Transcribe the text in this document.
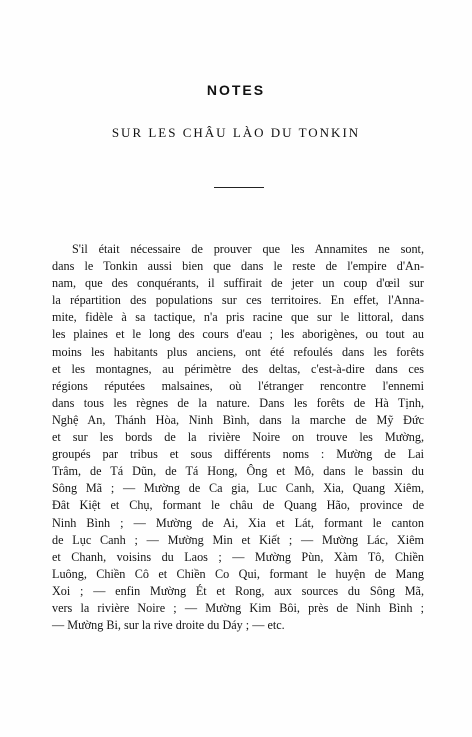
NOTES
SUR LES CHÂU LÀO DU TONKIN
S'il était nécessaire de prouver que les Annamites ne sont,
dans le Tonkin aussi bien que dans le reste de l'empire d'An-
nam, que des conquérants, il suffirait de jeter un coup d'œil sur
la répartition des populations sur ces territoires. En effet, l'Anna-
mite, fidèle à sa tactique, n'a pris racine que sur le littoral, dans
les plaines et le long des cours d'eau ; les aborigènes, ou tout au
moins les habitants plus anciens, ont été refoulés dans les forêts
et les montagnes, au périmètre des deltas, c'est-à-dire dans ces
régions réputées malsaines, où l'étranger rencontre l'ennemi
dans tous les règnes de la nature. Dans les forêts de Hà Tịnh,
Nghệ An, Thánh Hòa, Ninh Bình, dans la marche de Mỹ Đức
et sur les bords de la rivière Noire on trouve les Mường,
groupés par tribus et sous différents noms : Mường de Lai
Trâm, de Tá Dũn, de Tá Hong, Ông et Mô, dans le bassin du
Sông Mã ; — Mường de Ca gia, Luc Canh, Xia, Quang Xiêm,
Ðât Kiệt et Chụ, formant le châu de Quang Hão, province de
Ninh Bình ; — Mường de Ai, Xia et Lát, formant le canton
de Lục Canh ; — Mường Min et Kiết ; — Mường Lác, Xiêm
et Chanh, voisins du Laos ; — Mường Pùn, Xàm Tô, Chiền
Luông, Chiền Cô et Chiền Co Qui, formant le huyện de Mang
Xoi ; — enfin Mường Ét et Rong, aux sources du Sông Mã,
vers la rivière Noire ; — Mường Kim Bôi, près de Ninh Bình ;
— Mường Bi, sur la rive droite du Dáy ; — etc.
